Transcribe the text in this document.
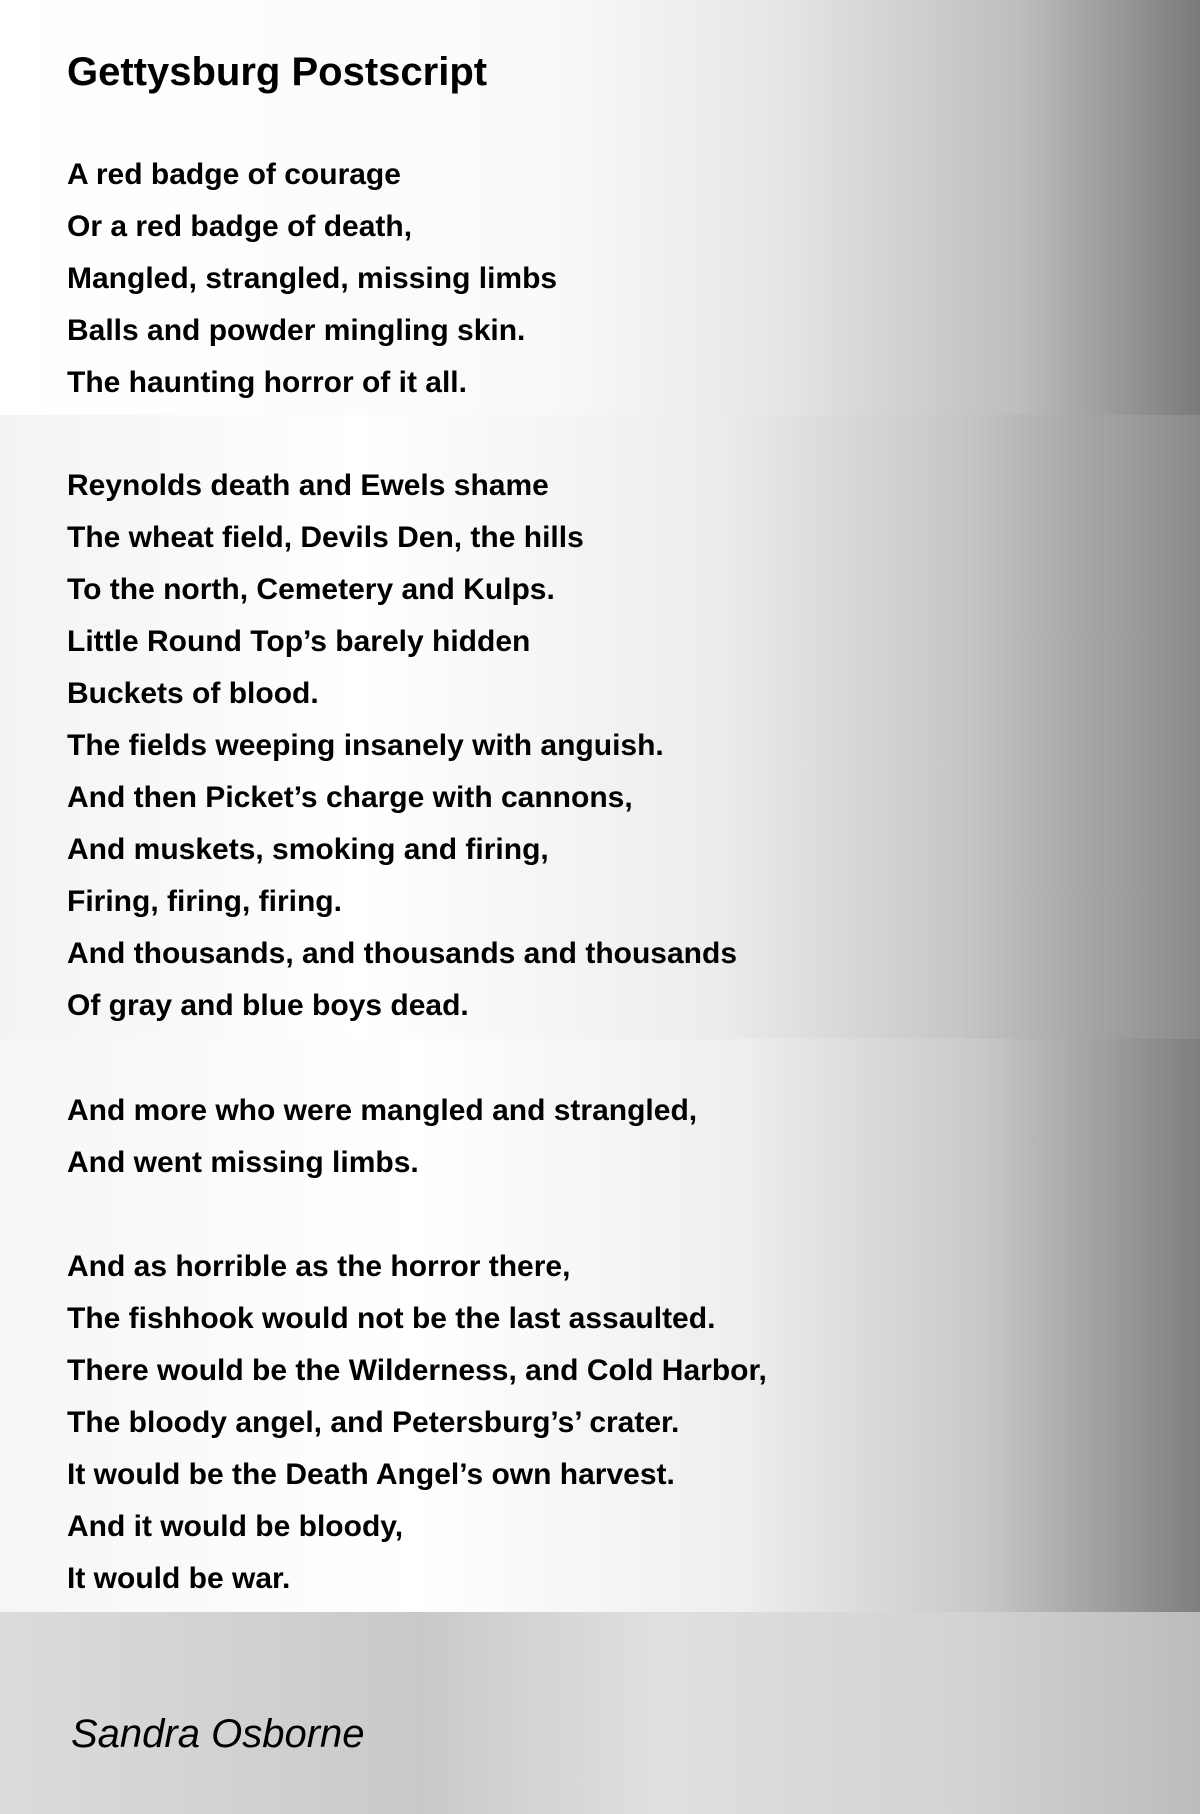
Gettysburg Postscript
A red badge of courage
Or a red badge of death,
Mangled, strangled, missing limbs
Balls and powder mingling skin.
The haunting horror of it all.
Reynolds death and Ewels shame
The wheat field, Devils Den, the hills
To the north, Cemetery and Kulps.
Little Round Top’s barely hidden
Buckets of blood.
The fields weeping insanely with anguish.
And then Picket’s charge with cannons,
And muskets, smoking and firing,
Firing, firing, firing.
And thousands, and thousands and thousands
Of gray and blue boys dead.
And more who were mangled and strangled,
And went missing limbs.
And as horrible as the horror there,
The fishhook would not be the last assaulted.
There would be the Wilderness, and Cold Harbor,
The bloody angel, and Petersburg’s’ crater.
It would be the Death Angel’s own harvest.
And it would be bloody,
It would be war.
Sandra Osborne
